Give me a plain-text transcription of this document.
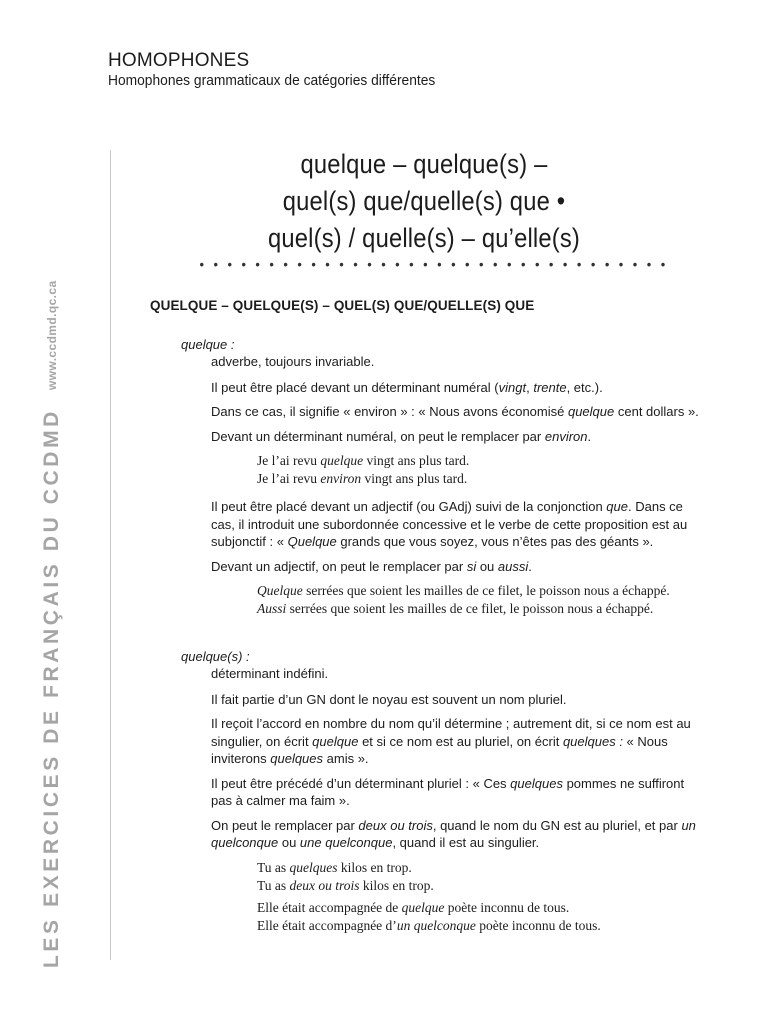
HOMOPHONES
Homophones grammaticaux de catégories différentes
LES EXERCICES DE FRANÇAIS DU CCDMD
www.ccdmd.qc.ca
quelque – quelque(s) –
quel(s) que/quelle(s) que •
quel(s) / quelle(s) – qu’elle(s)
• • • • • • • • • • • • • • • • • • • • • • • • • • • • • • • • • •
QUELQUE – QUELQUE(S) – QUEL(S) QUE/QUELLE(S) QUE
quelque :
adverbe, toujours invariable.
Il peut être placé devant un déterminant numéral (vingt, trente, etc.).
Dans ce cas, il signifie « environ » : « Nous avons économisé quelque cent dollars ».
Devant un déterminant numéral, on peut le remplacer par environ.
Je l’ai revu quelque vingt ans plus tard.
Je l’ai revu environ vingt ans plus tard.
Il peut être placé devant un adjectif (ou GAdj) suivi de la conjonction que. Dans ce cas, il introduit une subordonnée concessive et le verbe de cette proposition est au subjonctif : « Quelque grands que vous soyez, vous n’êtes pas des géants ».
Devant un adjectif, on peut le remplacer par si ou aussi.
Quelque serrées que soient les mailles de ce filet, le poisson nous a échappé.
Aussi serrées que soient les mailles de ce filet, le poisson nous a échappé.
quelque(s) :
déterminant indéfini.
Il fait partie d’un GN dont le noyau est souvent un nom pluriel.
Il reçoit l’accord en nombre du nom qu’il détermine ; autrement dit, si ce nom est au singulier, on écrit quelque et si ce nom est au pluriel, on écrit quelques : « Nous inviterons quelques amis ».
Il peut être précédé d’un déterminant pluriel : « Ces quelques pommes ne suffiront pas à calmer ma faim ».
On peut le remplacer par deux ou trois, quand le nom du GN est au pluriel, et par un quelconque ou une quelconque, quand il est au singulier.
Tu as quelques kilos en trop.
Tu as deux ou trois kilos en trop.
Elle était accompagnée de quelque poète inconnu de tous.
Elle était accompagnée d’un quelconque poète inconnu de tous.
